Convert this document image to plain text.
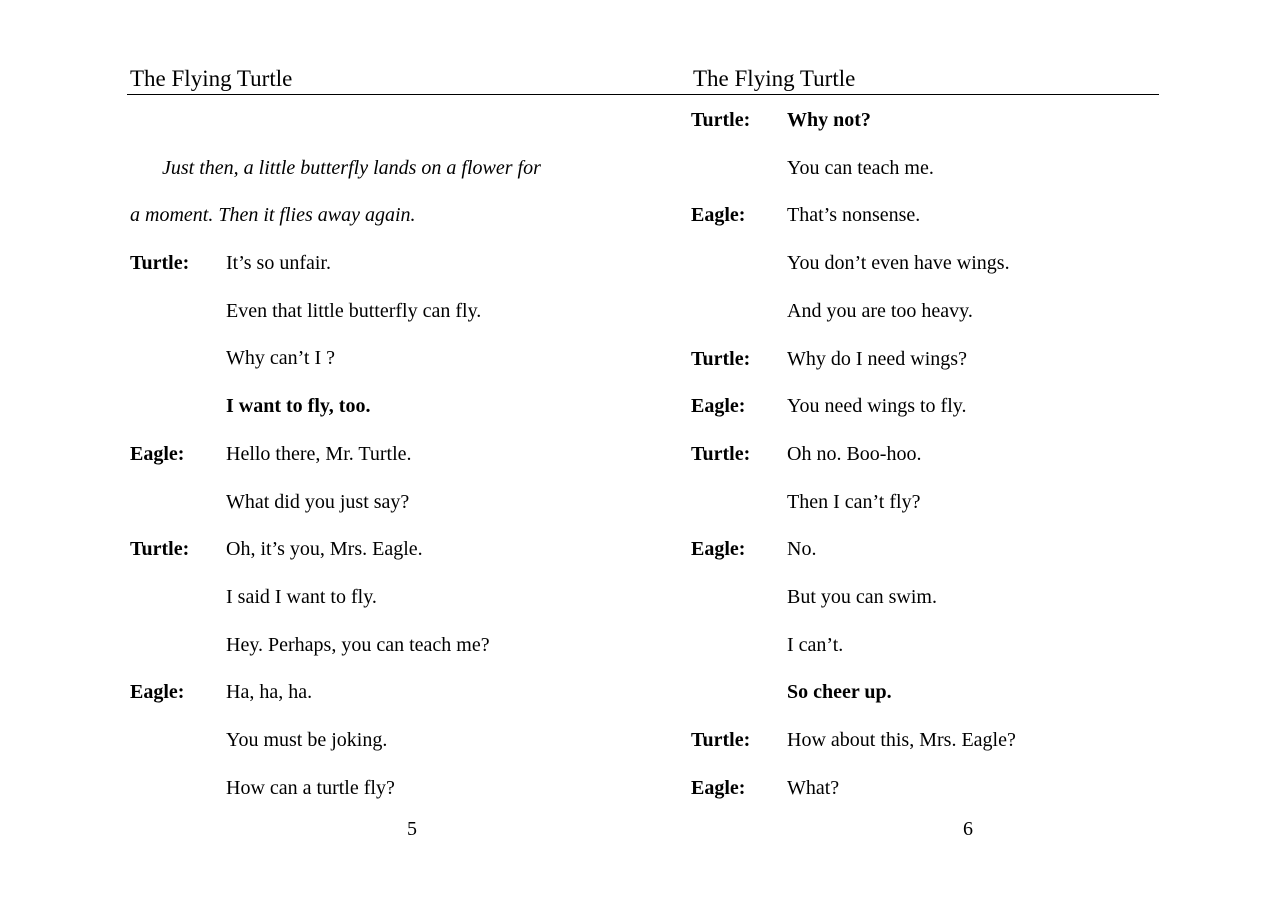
The Flying Turtle	The Flying Turtle
Just then, a little butterfly lands on a flower for
a moment. Then it flies away again.
Turtle: It’s so unfair.
Even that little butterfly can fly.
Why can’t I ?
I want to fly, too.
Eagle: Hello there, Mr. Turtle.
What did you just say?
Turtle: Oh, it’s you, Mrs. Eagle.
I said I want to fly.
Hey. Perhaps, you can teach me?
Eagle: Ha, ha, ha.
You must be joking.
How can a turtle fly?
Turtle: Why not?
You can teach me.
Eagle: That’s nonsense.
You don’t even have wings.
And you are too heavy.
Turtle: Why do I need wings?
Eagle: You need wings to fly.
Turtle: Oh no. Boo-hoo.
Then I can’t fly?
Eagle: No.
But you can swim.
I can’t.
So cheer up.
Turtle: How about this, Mrs. Eagle?
Eagle: What?
5	6
